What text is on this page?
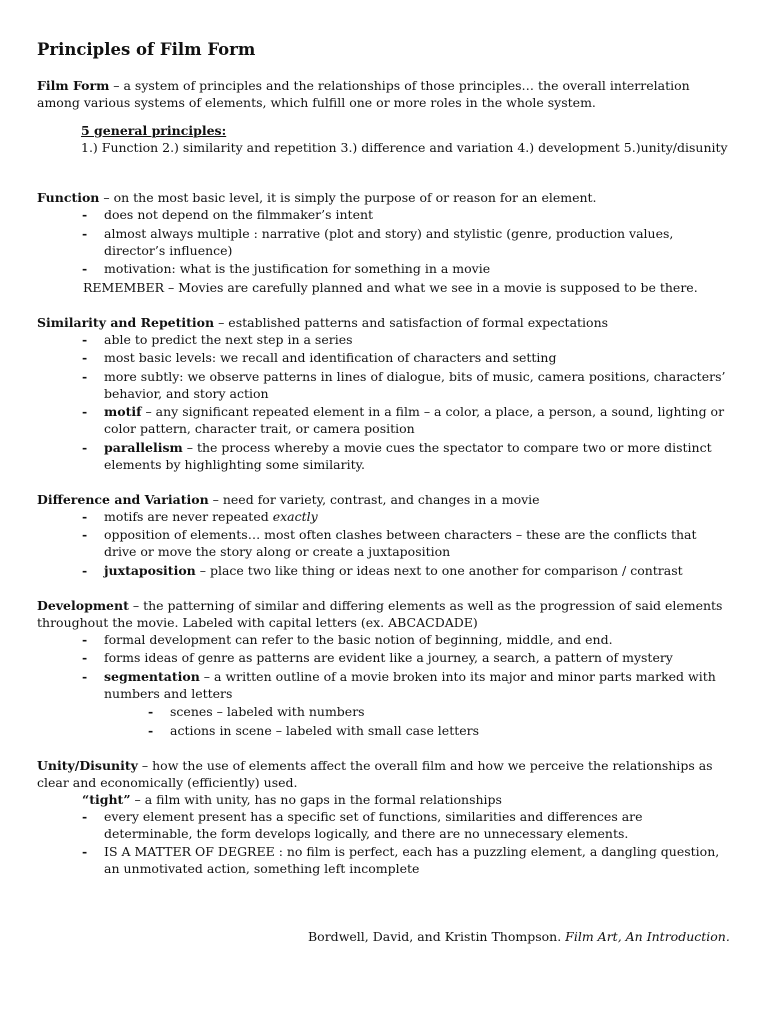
Principles of Film Form

Film Form – a system of principles and the relationships of those principles… the overall interrelation among various systems of elements, which fulfill one or more roles in the whole system.

5 general principles:
1.) Function 2.) similarity and repetition 3.) difference and variation 4.) development 5.)unity/disunity

Function – on the most basic level, it is simply the purpose of or reason for an element.

- does not depend on the filmmaker’s intent
- almost always multiple : narrative (plot and story) and stylistic (genre, production values, director’s influence)
- motivation: what is the justification for something in a movie
REMEMBER – Movies are carefully planned and what we see in a movie is supposed to be there.

Similarity and Repetition – established patterns and satisfaction of formal expectations

- able to predict the next step in a series
- most basic levels: we recall and identification of characters and setting
- more subtly: we observe patterns in lines of dialogue, bits of music, camera positions, characters’ behavior, and story action
- motif – any significant repeated element in a film – a color, a place, a person, a sound, lighting or color pattern, character trait, or camera position
- parallelism – the process whereby a movie cues the spectator to compare two or more distinct elements by highlighting some similarity.

Difference and Variation – need for variety, contrast, and changes in a movie

- motifs are never repeated exactly
- opposition of elements… most often clashes between characters – these are the conflicts that drive or move the story along or create a juxtaposition
- juxtaposition – place two like thing or ideas next to one another for comparison / contrast

Development – the patterning of similar and differing elements as well as the progression of said elements throughout the movie. Labeled with capital letters (ex. ABCACDADE)

- formal development can refer to the basic notion of beginning, middle, and end.
- forms ideas of genre as patterns are evident like a journey, a search, a pattern of mystery
- segmentation – a written outline of a movie broken into its major and minor parts marked with numbers and letters
- scenes – labeled with numbers
- actions in scene – labeled with small case letters

Unity/Disunity – how the use of elements affect the overall film and how we perceive the relationships as clear and economically (efficiently) used.

“tight” – a film with unity, has no gaps in the formal relationships
- every element present has a specific set of functions, similarities and differences are determinable, the form develops logically, and there are no unnecessary elements.
- IS A MATTER OF DEGREE : no film is perfect, each has a puzzling element, a dangling question, an unmotivated action, something left incomplete
Bordwell, David, and Kristin Thompson. Film Art, An Introduction.
